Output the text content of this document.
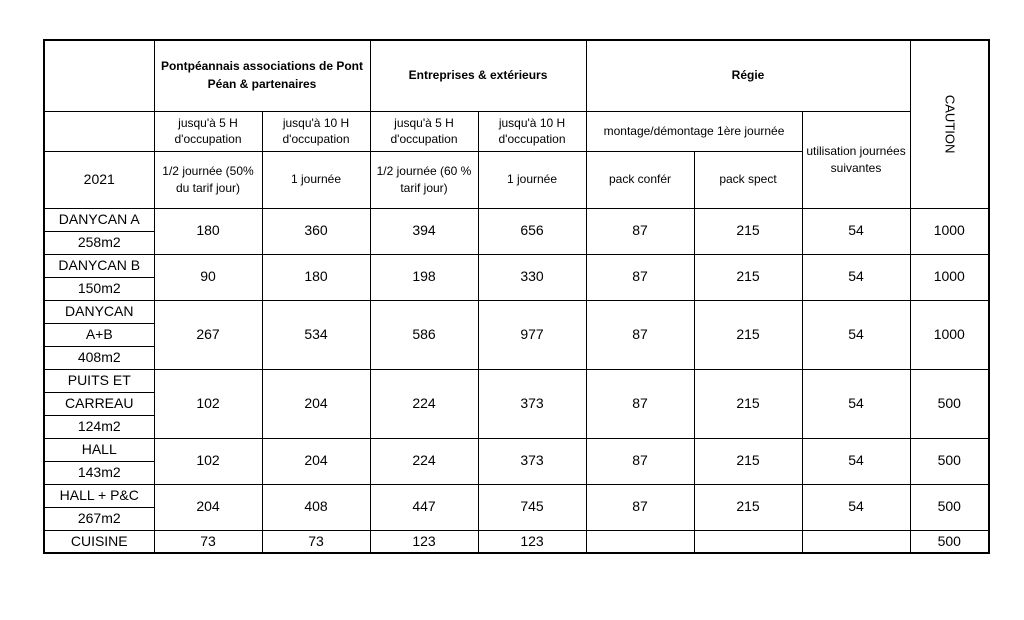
	Pontpéannais associations de Pont Péan & partenaires		Entreprises & extérieurs		Régie			CAUTION
	jusqu'à 5 H d'occupation	jusqu'à 10 H d'occupation	jusqu'à 5 H d'occupation	jusqu'à 10 H d'occupation	montage/démontage 1ère journée		utilisation journées suivantes	
2021	1/2 journée (50% du tarif jour)	1 journée	1/2 journée (60 % tarif jour)	1 journée	pack confér	pack spect		
DANYCAN A	180	360	394	656	87	215	54	1000
258m2								
DANYCAN B	90	180	198	330	87	215	54	1000
150m2								
DANYCAN	267	534	586	977	87	215	54	1000
A+B								
408m2								
PUITS ET	102	204	224	373	87	215	54	500
CARREAU								
124m2								
HALL	102	204	224	373	87	215	54	500
143m2								
HALL + P&C	204	408	447	745	87	215	54	500
267m2								
CUISINE	73	73	123	123				500
